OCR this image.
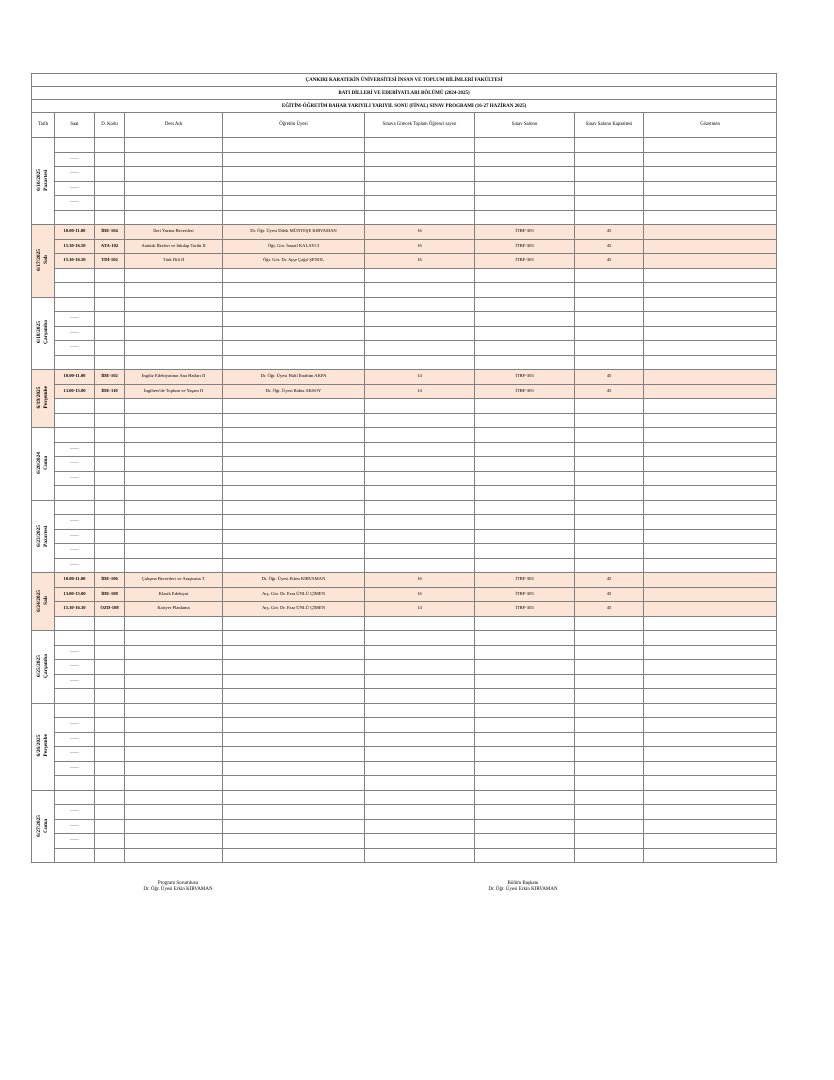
ÇANKIRI KARATEKİN ÜNİVERSİTESİ İNSAN VE TOPLUM BİLİMLERİ FAKÜLTESİ								
BATI DİLLERİ VE EDEBİYATLARI BÖLÜMÜ (2024-2025)								
EĞİTİM-ÖĞRETİM BAHAR YARIYILI YARIYIL SONU (FİNAL) SINAV PROGRAMI (16-27 HAZİRAN 2025)								
Tarih	Saat	D. Kodu	Ders Adı	Öğretim Üyesi	Sınava Girecek Toplam Öğrenci sayısı	Sınav Salonu	Sınav Salonu Kapasitesi	Gözetmen

6/16/2025 Pazartesi								

	------							
	------							
	------							
	------							

6/17/2025 Salı	10.00-11.00	İDE-104	İleri Yazma Becerileri	Dr. Öğr. Üyesi Dilek MÜNTEŞE KIRVAMAN	16	İTBF-303	45	
	15.30-16.50	ATA-102	Atatürk İlkeleri ve İnkılap Tarihi II	Öğr. Gör. İsmail KALAYCI	16	İTBF-303	45	
	15.30-16.50	TDİ-102	Türk Dili II	Öğr. Gör. Dr. Ayşe Çağıl ŞENOL	16	İTBF-303	45	

6/18/2025 Çarşamba								

	------							
	------							
	------							

6/19/2025 Perşembe	10.00-11.00	İDE-102	İngiliz Edebiyatının Ana Hatları II	Dr. Öğr. Üyesi Halil İbrahim AKPA	14	İTBF-303	45	
	13.00-15.00	İDE-110	İngiltere'de Toplum ve Yaşam II	Dr. Öğr. Üyesi Rabia AKSOY	14	İTBF-303	45	

6/20/2024 Cuma								

	------							
	------							
	------							

6/23/2025 Pazartesi								

	------							
	------							
	------							
	------							

6/24/2025 Salı	10.00-11.00	İDE-106	Çalışma Becerileri ve Araştırma T.	Dr. Öğr. Üyesi Erkin KIRVAMAN	16	İTBF-303	45	
	13.00-15.00	İDE-108	Klasik Edebiyat	Arş. Gör. Dr. Esra ÜNLÜ ÇİMEN	16	İTBF-303	45	
	15.30-16.30	OZD-108	Kariyer Planlama	Arş. Gör. Dr. Esra ÜNLÜ ÇİMEN	14	İTBF-303	45	

6/25/2025 Çarşamba								

	------							
	------							
	------							

6/26/2025 Perşembe								

	------							
	------							
	------							
	------							

6/27/2025 Cuma								

	------							
	------							
	------							

Program Sorumlusu
Dr. Öğr. Üyesi Erkin KIRVAMAN
Bölüm Başkanı
Dr. Öğr. Üyesi Erkin KIRVAMAN
